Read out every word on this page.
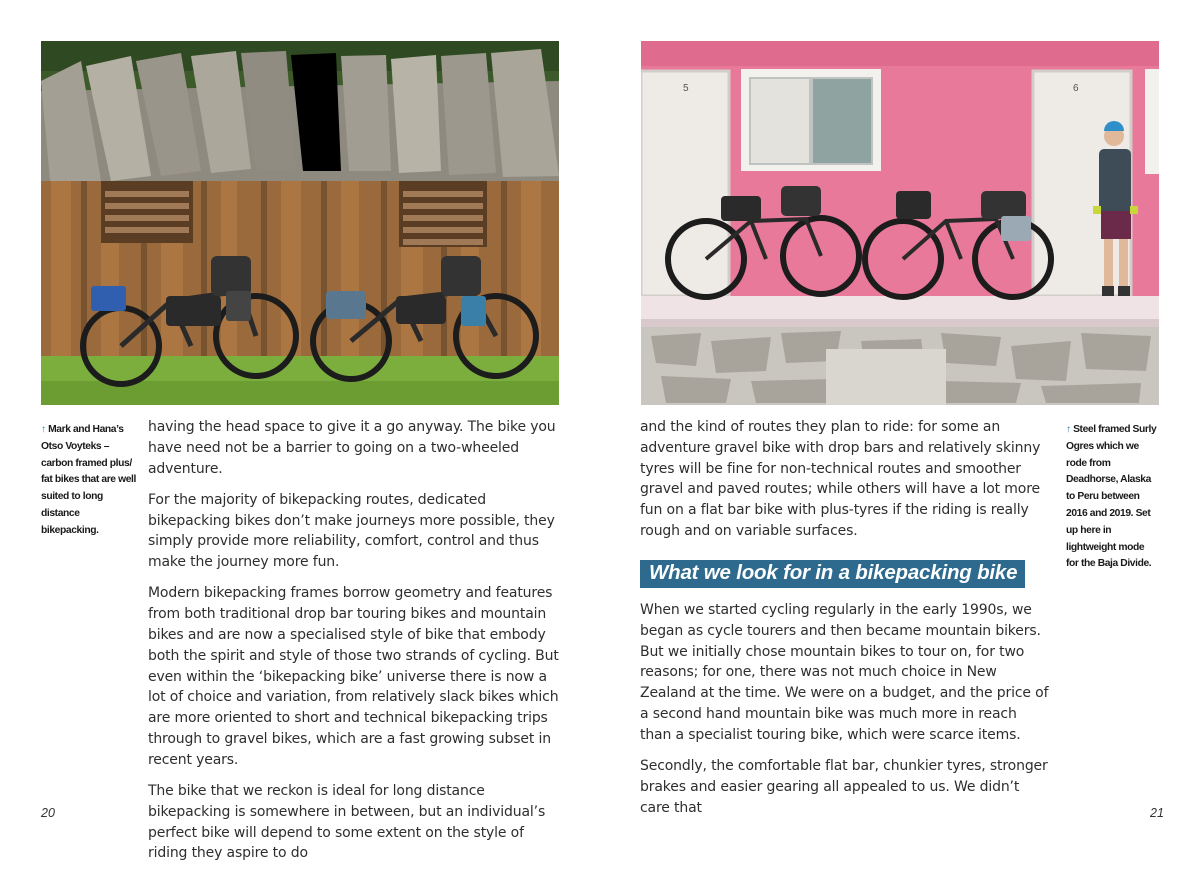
↑ Mark and Hana’s Otso Voyteks – carbon framed plus/ fat bikes that are well suited to long distance bikepacking.

having the head space to give it a go anyway. The bike you have need not be a barrier to going on a two-wheeled adventure.

For the majority of bikepacking routes, dedicated bikepacking bikes don’t make journeys more possible, they simply provide more reliability, comfort, control and thus make the journey more fun.

Modern bikepacking frames borrow geometry and features from both traditional drop bar touring bikes and mountain bikes and are now a specialised style of bike that embody both the spirit and style of those two strands of cycling. But even within the ‘bikepacking bike’ universe there is now a lot of choice and variation, from relatively slack bikes which are more oriented to short and technical bikepacking trips through to gravel bikes, which are a fast growing subset in recent years.

The bike that we reckon is ideal for long distance bikepacking is somewhere in between, but an individual’s perfect bike will depend to some extent on the style of riding they aspire to do

20
5	6

and the kind of routes they plan to ride: for some an adventure gravel bike with drop bars and relatively skinny tyres will be fine for non-technical routes and smoother gravel and paved routes; while others will have a lot more fun on a flat bar bike with plus-tyres if the riding is really rough and on variable surfaces.

What we look for in a bikepacking bike

When we started cycling regularly in the early 1990s, we began as cycle tourers and then became mountain bikers. But we initially chose mountain bikes to tour on, for two reasons; for one, there was not much choice in New Zealand at the time. We were on a budget, and the price of a second hand mountain bike was much more in reach than a specialist touring bike, which were scarce items.

Secondly, the comfortable flat bar, chunkier tyres, stronger brakes and easier gearing all appealed to us. We didn’t care that

↑ Steel framed Surly Ogres which we rode from Deadhorse, Alaska to Peru between 2016 and 2019. Set up here in lightweight mode for the Baja Divide.
21
